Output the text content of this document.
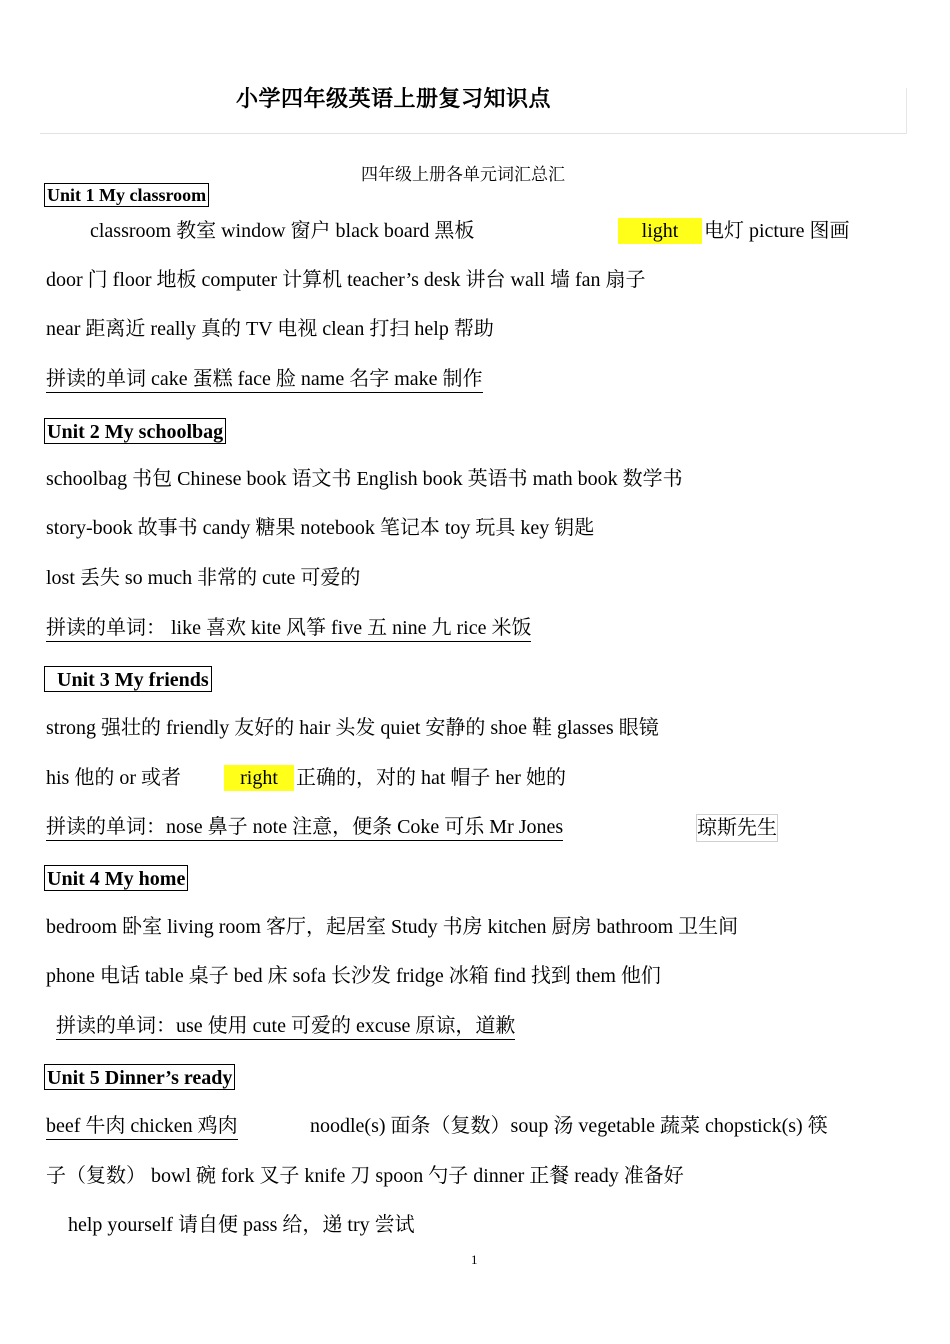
小学四年级英语上册复习知识点
四年级上册各单元词汇总汇
Unit 1 My classroom
classroom 教室 window 窗户 black board 黑板	light	电灯 picture 图画
door 门 floor 地板 computer 计算机 teacher’s desk 讲台 wall 墙 fan 扇子
near 距离近 really 真的 TV 电视 clean 打扫 help 帮助
拼读的单词 cake 蛋糕 face 脸 name 名字 make 制作
Unit 2 My schoolbag
schoolbag 书包 Chinese book 语文书 English book 英语书 math book 数学书
story-book 故事书 candy 糖果 notebook 笔记本 toy 玩具 key 钥匙
lost 丢失 so much 非常的 cute 可爱的
拼读的单词： like 喜欢 kite 风筝 five 五 nine 九 rice 米饭
Unit 3 My friends
strong 强壮的 friendly 友好的 hair 头发 quiet 安静的 shoe 鞋 glasses 眼镜
his 他的 or 或者	right 正确的，对的 hat 帽子 her 她的
拼读的单词：nose 鼻子 note 注意，便条 Coke 可乐 Mr Jones	琼斯先生
Unit 4 My home
bedroom 卧室 living room 客厅，起居室 Study 书房 kitchen 厨房 bathroom 卫生间
phone 电话 table 桌子 bed 床 sofa 长沙发 fridge 冰箱 find 找到 them 他们
拼读的单词：use 使用 cute 可爱的 excuse 原谅，道歉
Unit 5 Dinner’s ready
beef 牛肉 chicken 鸡肉	noodle(s) 面条（复数）soup 汤 vegetable 蔬菜 chopstick(s) 筷
子（复数） bowl 碗 fork 叉子 knife 刀 spoon 勺子 dinner 正餐 ready 准备好
help yourself 请自便 pass 给，递 try 尝试
1
